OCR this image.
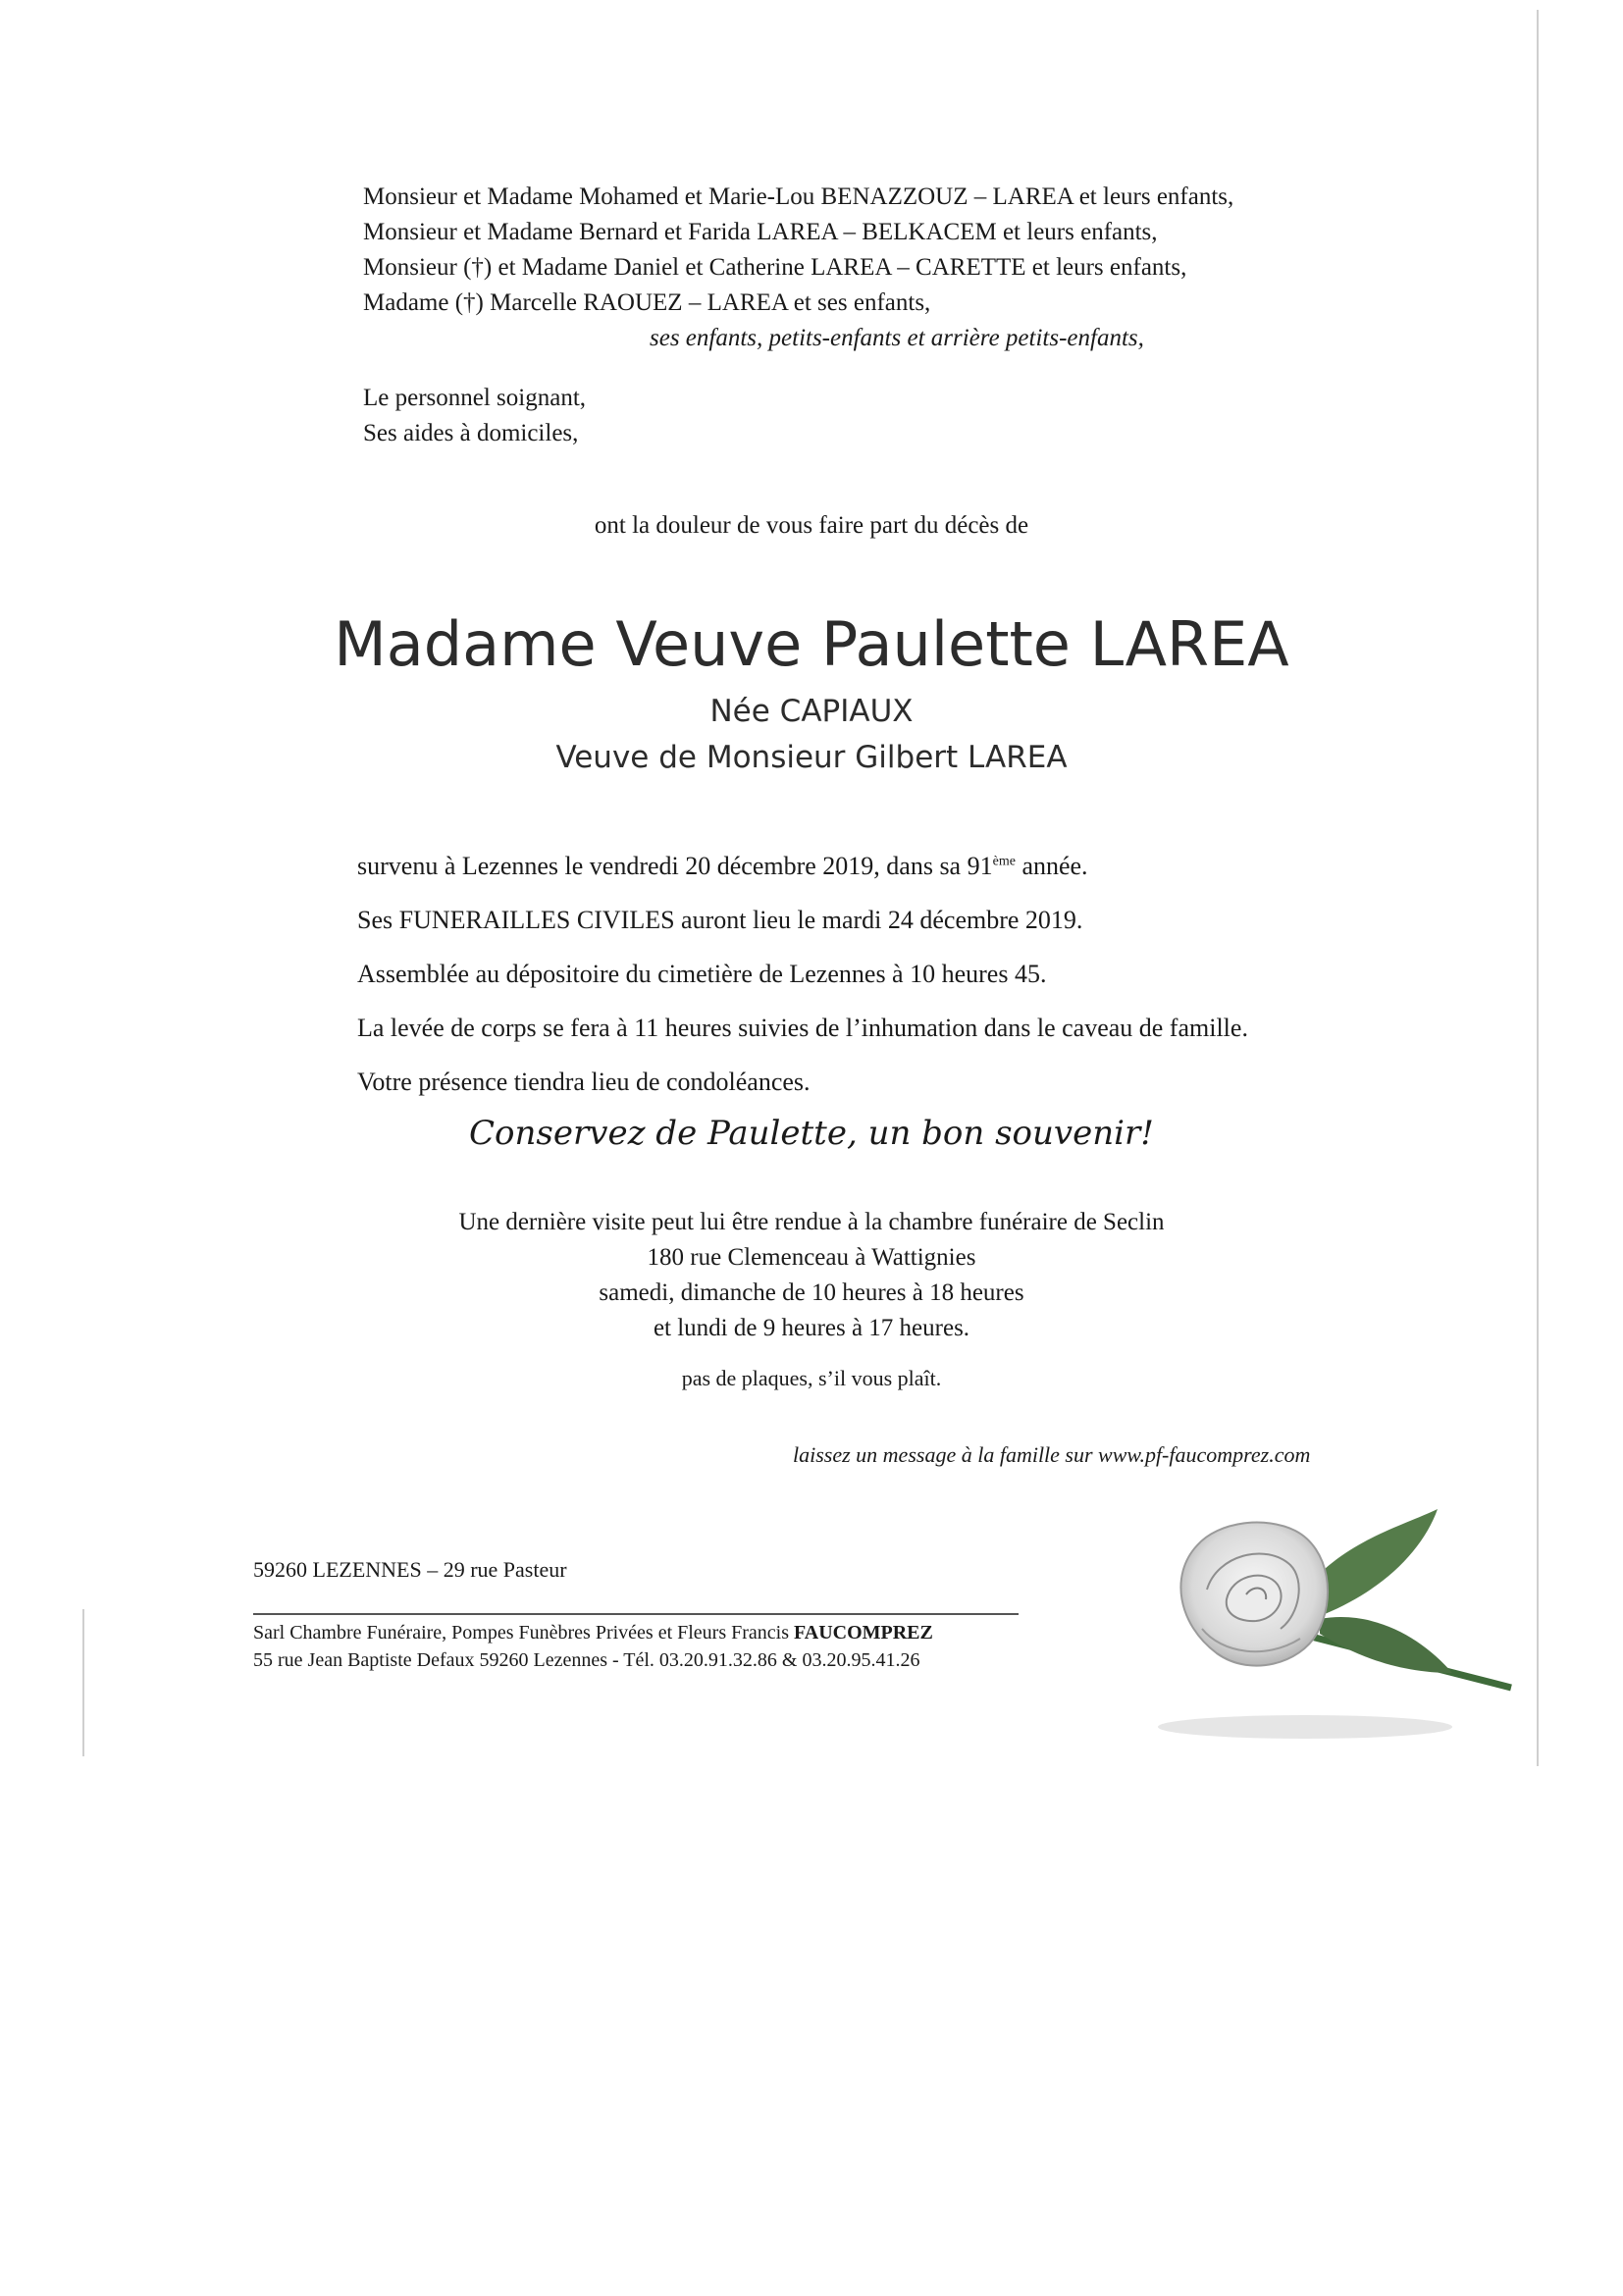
Monsieur et Madame Mohamed et Marie-Lou BENAZZOUZ – LAREA et leurs enfants,
Monsieur et Madame Bernard et Farida LAREA – BELKACEM et leurs enfants,
Monsieur (†) et Madame Daniel et Catherine LAREA – CARETTE et leurs enfants,
Madame (†) Marcelle RAOUEZ – LAREA et ses enfants,
ses enfants, petits-enfants et arrière petits-enfants,
Le personnel soignant,
Ses aides à domiciles,
ont la douleur de vous faire part du décès de
Madame Veuve Paulette LAREA
Née CAPIAUX
Veuve de Monsieur Gilbert LAREA
survenu à Lezennes le vendredi 20 décembre 2019, dans sa 91ème année.
Ses FUNERAILLES CIVILES auront lieu le mardi 24 décembre 2019.
Assemblée au dépositoire du cimetière de Lezennes à 10 heures 45.
La levée de corps se fera à 11 heures suivies de l’inhumation dans le caveau de famille.
Votre présence tiendra lieu de condoléances.
Conservez de Paulette, un bon souvenir!
Une dernière visite peut lui être rendue à la chambre funéraire de Seclin
180 rue Clemenceau à Wattignies
samedi, dimanche de 10 heures à 18 heures
et lundi de 9 heures à 17 heures.
pas de plaques, s’il vous plaît.
laissez un message à la famille sur www.pf-faucomprez.com
59260 LEZENNES – 29 rue Pasteur
Sarl Chambre Funéraire, Pompes Funèbres Privées et Fleurs Francis FAUCOMPREZ
55 rue Jean Baptiste Defaux 59260 Lezennes - Tél. 03.20.91.32.86 & 03.20.95.41.26
